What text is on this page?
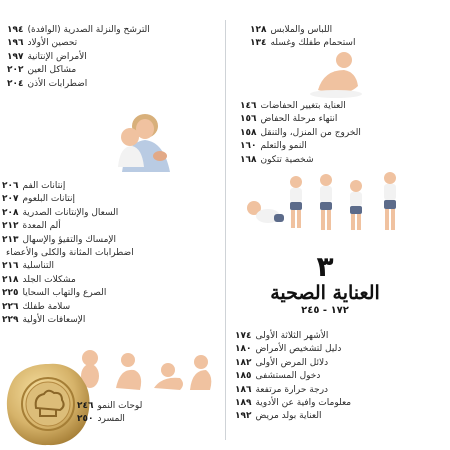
الترشح والنزلة الصدرية (الوافدة)
١٩٤
تحصين الأولاد
١٩٦
الأمراض الإنتانية
١٩٧
مشاكل العين
٢٠٢
اضطرابات الأذن
٢٠٤
إنتانات الفم
٢٠٦
إنتانات البلعوم
٢٠٧
السعال والإنتانات الصدرية
٢٠٨
ألم المعدة
٢١٢
الإمساك والتقيؤ والإسهال
٢١٣
اضطرابات المثانة والكلى والأعضاء
التناسلية
٢١٦
مشكلات الجلد
٢١٨
الصرع والتهاب السحايا
٢٢٥
سلامة طفلك
٢٢٦
الإسعافات الأولية
٢٢٩
لوحات النمو
٢٤٦
المسرد
٢٥٠
اللباس والملابس
١٢٨
استحمام طفلك وغسله
١٣٤
العناية بتغيير الحفاضات
١٤٦
انتهاء مرحلة الحفاض
١٥٦
الخروج من المنزل، والتنقل
١٥٨
النمو والتعلم
١٦٠
شخصية تتكون
١٦٨
٣
العناية الصحية
١٧٢ - ٢٤٥
الأشهر الثلاثة الأولى
١٧٤
دليل لتشخيص الأمراض
١٨٠
دلائل المرض الأولى
١٨٢
دخول المستشفى
١٨٥
درجة حرارة مرتفعة
١٨٦
معلومات وافية عن الأدوية
١٨٩
العناية بولد مريض
١٩٢
